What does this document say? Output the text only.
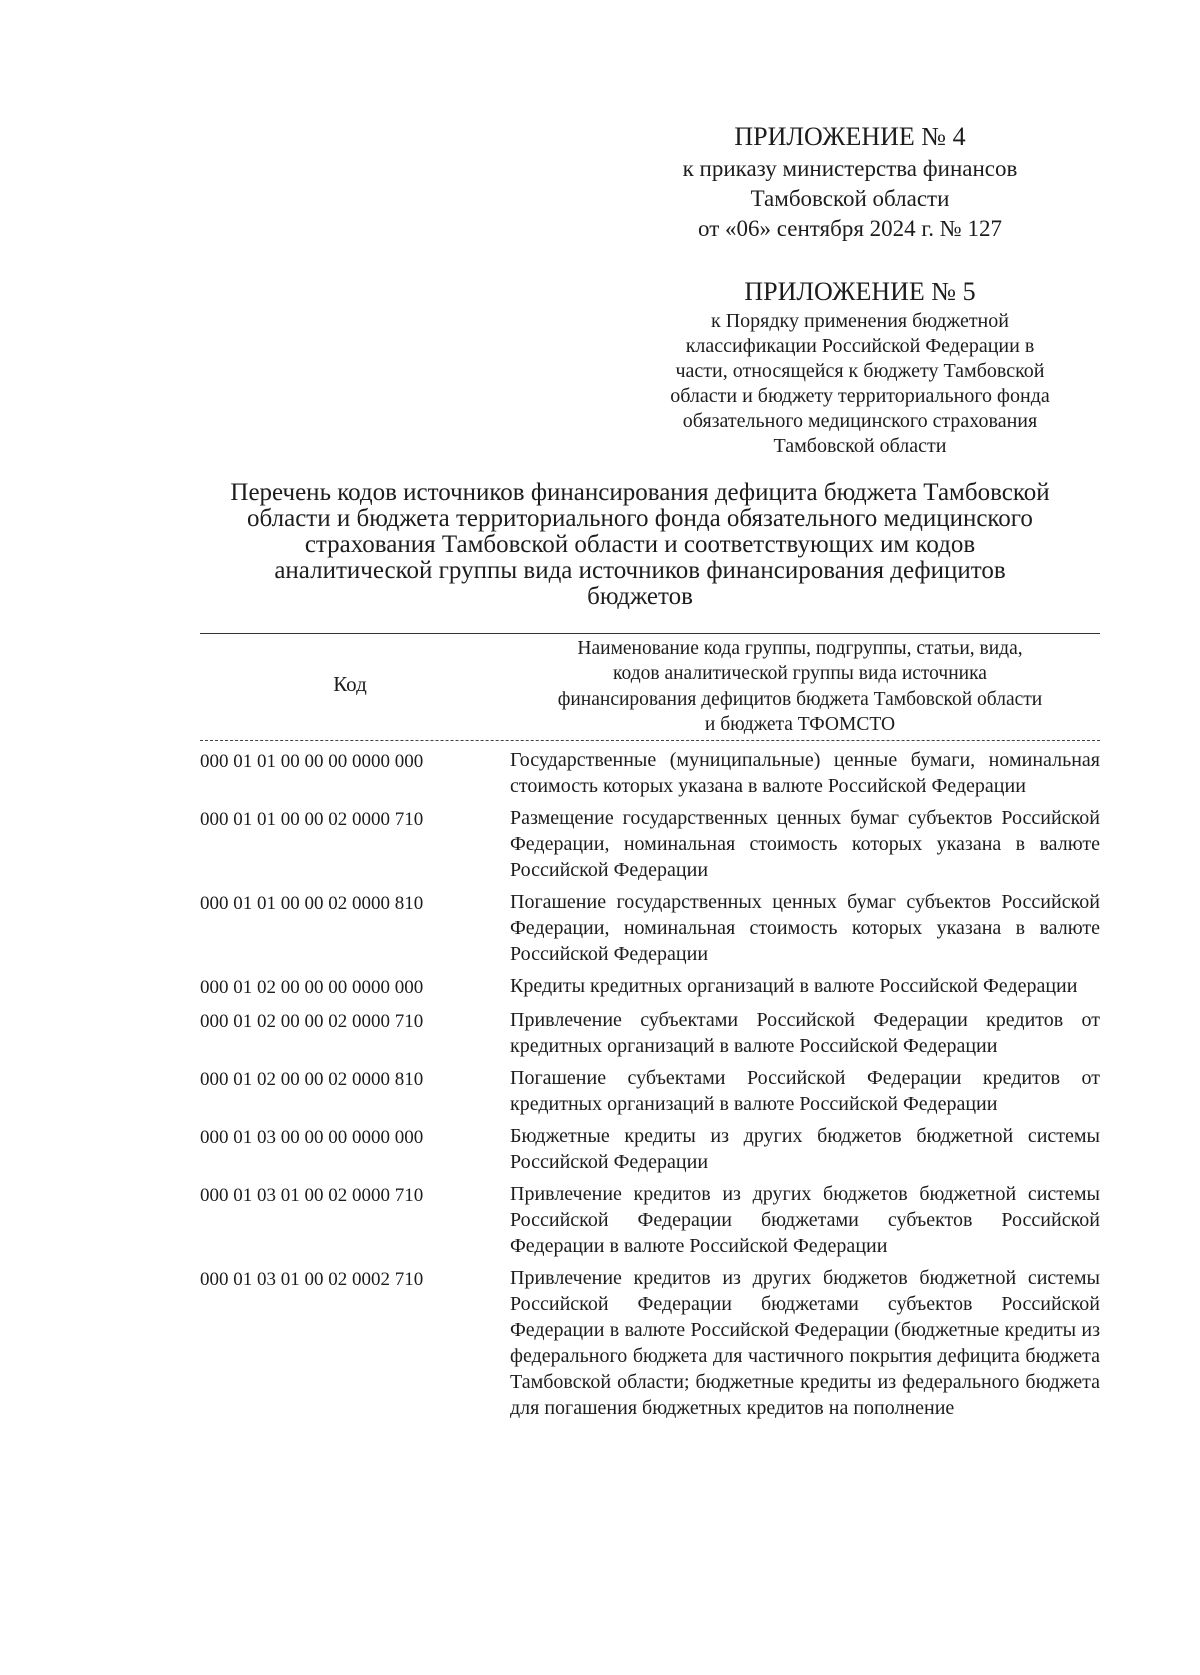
ПРИЛОЖЕНИЕ № 4
к приказу министерства финансов
Тамбовской области
от «06» сентября 2024 г. № 127
ПРИЛОЖЕНИЕ № 5
к Порядку применения бюджетной
классификации Российской Федерации в
части, относящейся к бюджету Тамбовской
области и бюджету территориального фонда
обязательного медицинского страхования
Тамбовской области
Перечень кодов источников финансирования дефицита бюджета Тамбовской
области и бюджета территориального фонда обязательного медицинского
страхования Тамбовской области и соответствующих им кодов
аналитической группы вида источников финансирования дефицитов
бюджетов
Код
Наименование кода группы, подгруппы, статьи, вида,
кодов аналитической группы вида источника
финансирования дефицитов бюджета Тамбовской области
и бюджета ТФОМСТО
000 01 01 00 00 00 0000 000	Государственные (муниципальные) ценные бумаги, номинальная стоимость которых указана в валюте Российской Федерации
000 01 01 00 00 02 0000 710	Размещение государственных ценных бумаг субъектов Российской Федерации, номинальная стоимость которых указана в валюте Российской Федерации
000 01 01 00 00 02 0000 810	Погашение государственных ценных бумаг субъектов Российской Федерации, номинальная стоимость которых указана в валюте Российской Федерации
000 01 02 00 00 00 0000 000	Кредиты кредитных организаций в валюте Российской Федерации
000 01 02 00 00 02 0000 710	Привлечение субъектами Российской Федерации кредитов от кредитных организаций в валюте Российской Федерации
000 01 02 00 00 02 0000 810	Погашение субъектами Российской Федерации кредитов от кредитных организаций в валюте Российской Федерации
000 01 03 00 00 00 0000 000	Бюджетные кредиты из других бюджетов бюджетной системы Российской Федерации
000 01 03 01 00 02 0000 710	Привлечение кредитов из других бюджетов бюджетной системы Российской Федерации бюджетами субъектов Российской Федерации в валюте Российской Федерации
000 01 03 01 00 02 0002 710	Привлечение кредитов из других бюджетов бюджетной системы Российской Федерации бюджетами субъектов Российской Федерации в валюте Российской Федерации (бюджетные кредиты из федерального бюджета для частичного покрытия дефицита бюджета Тамбовской области; бюджетные кредиты из федерального бюджета для погашения бюджетных кредитов на пополнение
